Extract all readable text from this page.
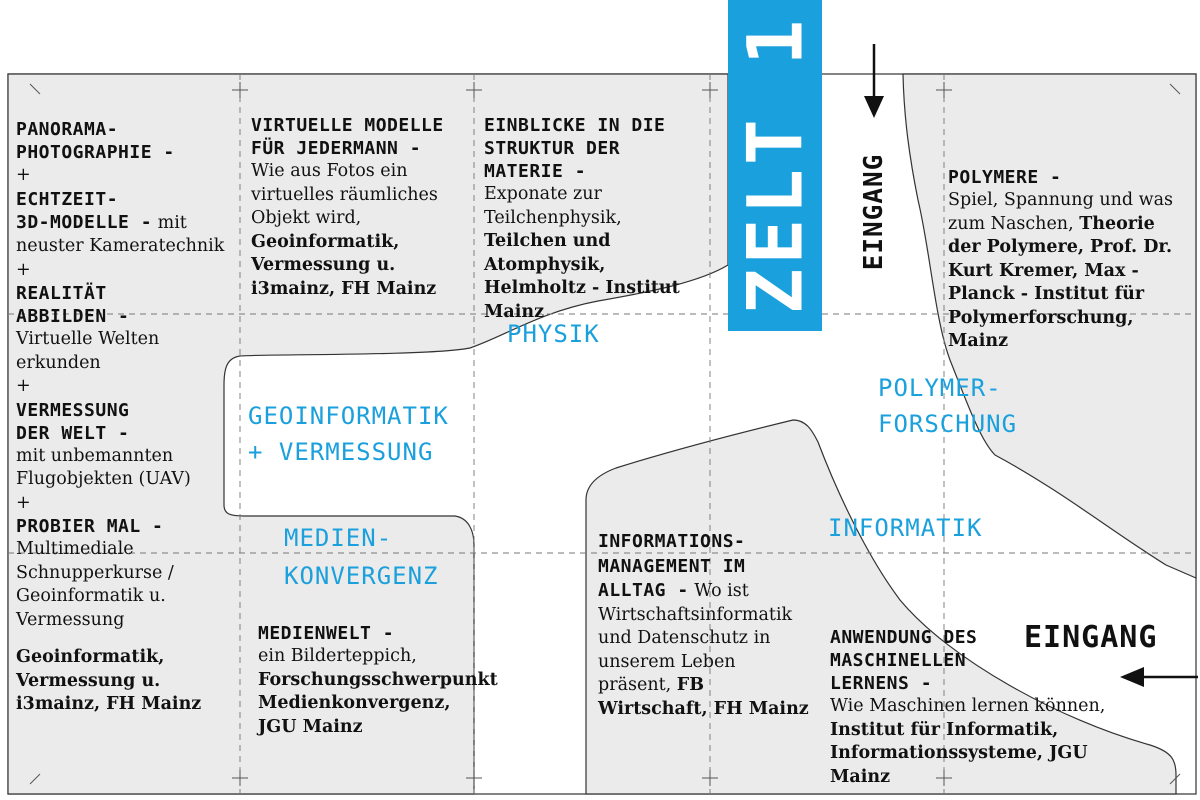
ZELT 1 EINGANG
EINGANG
PHYSIK
GEOINFORMATIK
+ VERMESSUNG
MEDIEN-
KONVERGENZ
POLYMER-
FORSCHUNG
INFORMATIK
PANORAMA-
PHOTOGRAPHIE -
+
ECHTZEIT-
3D-MODELLE - mit neuster Kameratechnik
+
REALITÄT
ABBILDEN -
Virtuelle Welten erkunden
+
VERMESSUNG
DER WELT -
mit unbemannten Flugobjekten (UAV)
+
PROBIER MAL -
Multimediale Schnupperkurse / Geoinformatik u. Vermessung
Geoinformatik, Vermessung u. i3mainz, FH Mainz
VIRTUELLE MODELLE FÜR JEDERMANN -
Wie aus Fotos ein virtuelles räumliches Objekt wird, Geoinformatik, Vermessung u. i3mainz, FH Mainz
EINBLICKE IN DIE STRUKTUR DER MATERIE -
Exponate zur Teilchenphysik, Teilchen und Atomphysik, Helmholtz - Institut Mainz
POLYMERE -
Spiel, Spannung und was zum Naschen, Theorie der Polymere, Prof. Dr. Kurt Kremer, Max - Planck - Institut für Polymerforschung, Mainz
MEDIENWELT -
ein Bilderteppich, Forschungsschwerpunkt Medienkonvergenz, JGU Mainz
INFORMATIONS-MANAGEMENT IM ALLTAG - Wo ist Wirtschaftsinformatik und Datenschutz in unserem Leben präsent, FB Wirtschaft, FH Mainz
ANWENDUNG DES MASCHINELLEN LERNENS -
Wie Maschinen lernen können, Institut für Informatik, Informationssysteme, JGU Mainz
